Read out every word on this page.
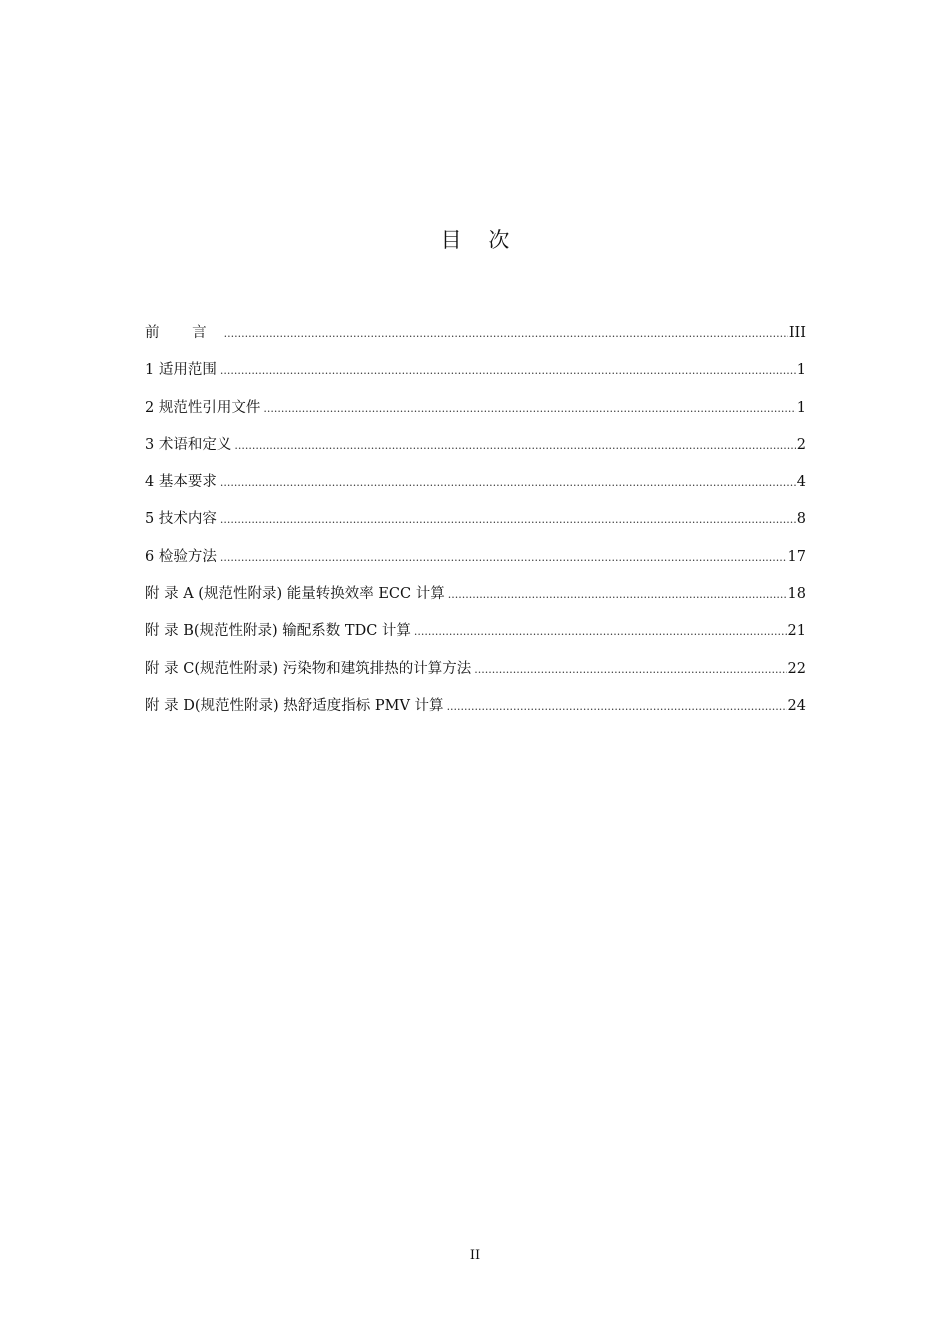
目 次
前 言 .....	III
1 适用范围 .....	1
2 规范性引用文件 .....	1
3 术语和定义 .....	2
4 基本要求 .....	4
5 技术内容 .....	8
6 检验方法 .....	17
附 录 A (规范性附录) 能量转换效率 ECC 计算 .....	18
附 录 B(规范性附录) 输配系数 TDC 计算 .....	21
附 录 C(规范性附录) 污染物和建筑排热的计算方法 .....	22
附 录 D(规范性附录) 热舒适度指标 PMV 计算 .....	24
II
